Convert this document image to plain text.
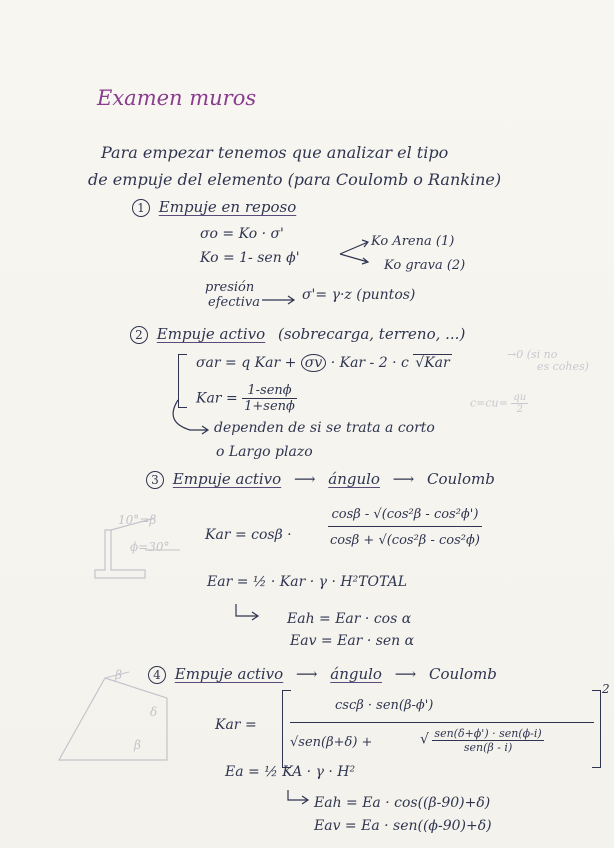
Examen muros
Para empezar tenemos que analizar el tipo
de empuje del elemento (para Coulomb o Rankine)
1 Empuje en reposo
σo = Ko · σ'
Ko = 1- sen ϕ'
Ko Arena (1)
Ko grava (2)
presión
efectiva	σ'= γ·z (puntos)
2 Empuje activo (sobrecarga, terreno, ...)
σar = q Kar + σv · Kar - 2 · c √Kar
Kar = $\frac{\text{1-senϕ}}{\text{1+senϕ}}$
dependen de si se trata a corto
o Largo plazo
→0 (si no
es cohes)
$c=cu= \frac{qu}{2}$
3 Empuje activo ⟶ ángulo ⟶ Coulomb
10°=β
ϕ=30°
Kar = cosβ ·	$\frac{\text{cosβ - √(cos²β - cos²ϕ')}}{\text{cosβ + √(cos²β - cos²ϕ)}}$
Ear = ½ · Kar · γ · H²TOTAL
Eah = Ear · cos α
Eav = Ear · sen α
4 Empuje activo ⟶ ángulo ⟶ Coulomb
β
δ
β
Kar =
cscβ · sen(β-ϕ')
√sen(β+δ) +	√ $\frac{\text{sen(δ+ϕ') · sen(ϕ-i)}}{\text{sen(β - i)}}$
2
Ea = ½ KA · γ · H²
Eah = Ea · cos((β-90)+δ)
Eav = Ea · sen((ϕ-90)+δ)
